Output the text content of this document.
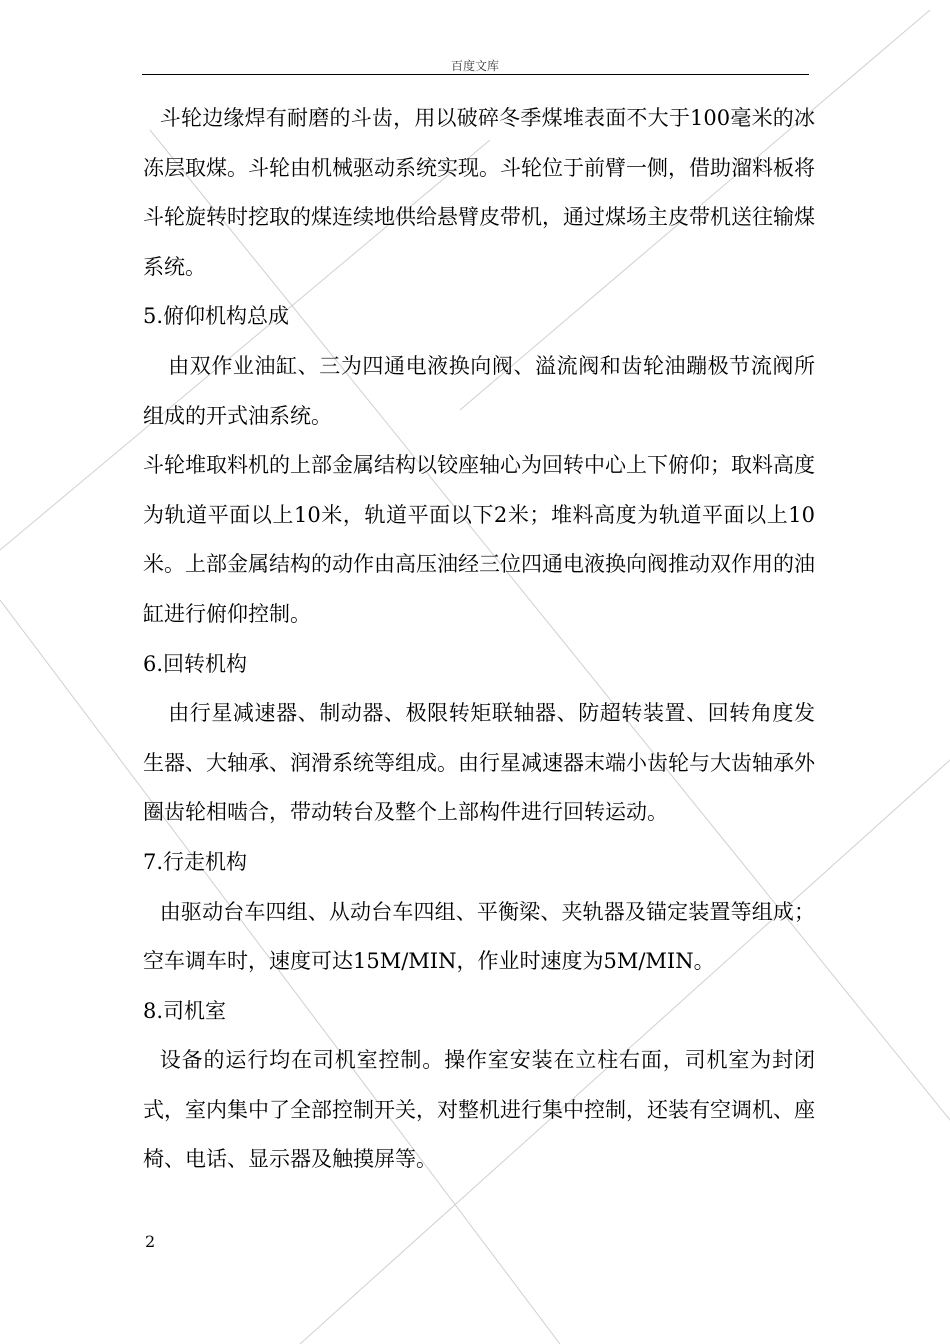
百度文库

斗轮边缘焊有耐磨的斗齿，用以破碎冬季煤堆表面不大于100毫米的冰冻层取煤。斗轮由机械驱动系统实现。斗轮位于前臂一侧，借助溜料板将斗轮旋转时挖取的煤连续地供给悬臂皮带机，通过煤场主皮带机送往输煤系统。

5.俯仰机构总成

由双作业油缸、三为四通电液换向阀、溢流阀和齿轮油蹦极节流阀所组成的开式油系统。

斗轮堆取料机的上部金属结构以铰座轴心为回转中心上下俯仰；取料高度为轨道平面以上10米，轨道平面以下2米；堆料高度为轨道平面以上10米。上部金属结构的动作由高压油经三位四通电液换向阀推动双作用的油缸进行俯仰控制。

6.回转机构

由行星减速器、制动器、极限转矩联轴器、防超转装置、回转角度发生器、大轴承、润滑系统等组成。由行星减速器末端小齿轮与大齿轴承外圈齿轮相啮合，带动转台及整个上部构件进行回转运动。

7.行走机构

由驱动台车四组、从动台车四组、平衡梁、夹轨器及锚定装置等组成；空车调车时，速度可达15M/MIN，作业时速度为5M/MIN。

8.司机室

设备的运行均在司机室控制。操作室安装在立柱右面，司机室为封闭式，室内集中了全部控制开关，对整机进行集中控制，还装有空调机、座椅、电话、显示器及触摸屏等。

2
